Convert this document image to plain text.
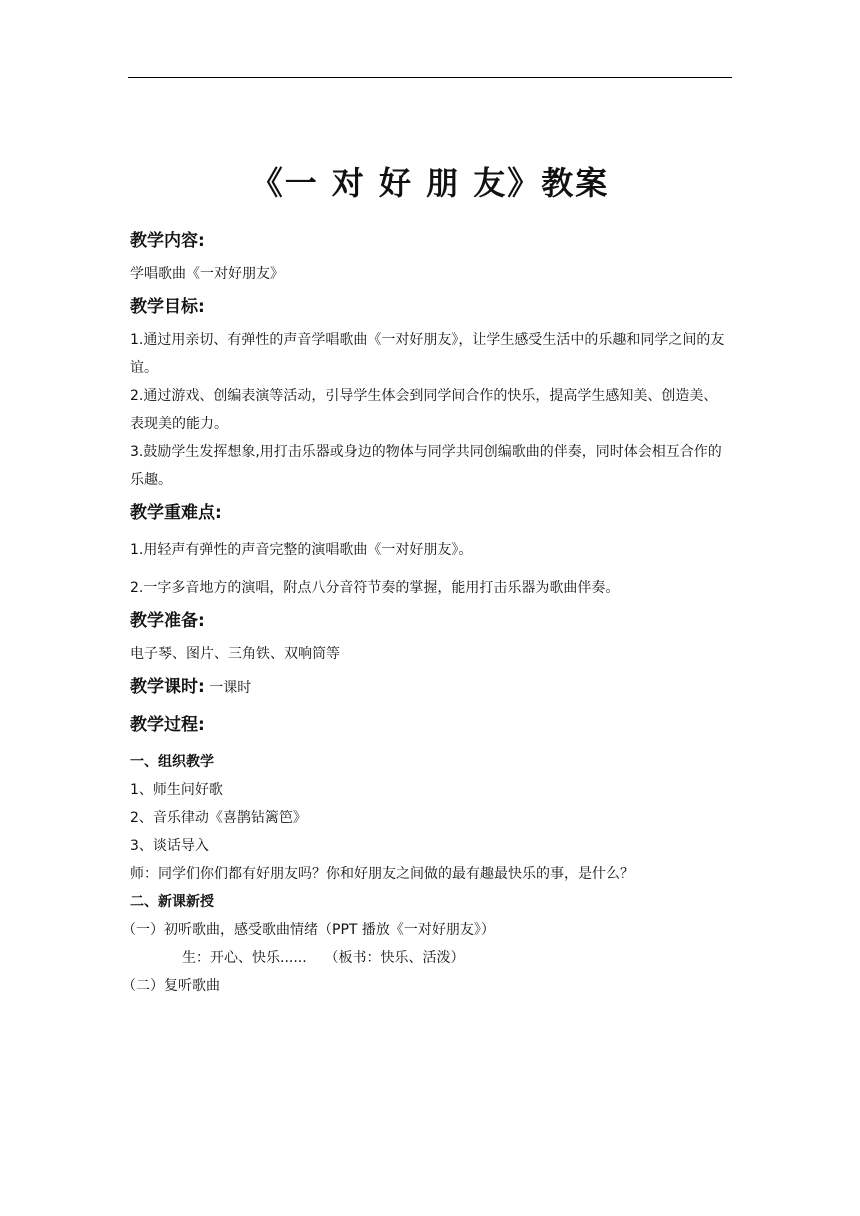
《一 对 好 朋 友》教案
教学内容:
学唱歌曲《一对好朋友》
教学目标:
1.通过用亲切、有弹性的声音学唱歌曲《一对好朋友》，让学生感受生活中的乐趣和同学之间的友谊。
2.通过游戏、创编表演等活动，引导学生体会到同学间合作的快乐，提高学生感知美、创造美、表现美的能力。
3.鼓励学生发挥想象,用打击乐器或身边的物体与同学共同创编歌曲的伴奏，同时体会相互合作的乐趣。
教学重难点:
1.用轻声有弹性的声音完整的演唱歌曲《一对好朋友》。
2.一字多音地方的演唱，附点八分音符节奏的掌握，能用打击乐器为歌曲伴奏。
教学准备:
电子琴、图片、三角铁、双响筒等
教学课时: 一课时
教学过程:
一、组织教学
1、师生问好歌
2、音乐律动《喜鹊钻篱笆》
3、谈话导入
师：同学们你们都有好朋友吗？你和好朋友之间做的最有趣最快乐的事，是什么？
二、新课新授
（一）初听歌曲，感受歌曲情绪（PPT 播放《一对好朋友》）
生：开心、快乐......    （板书：快乐、活泼）
（二）复听歌曲
